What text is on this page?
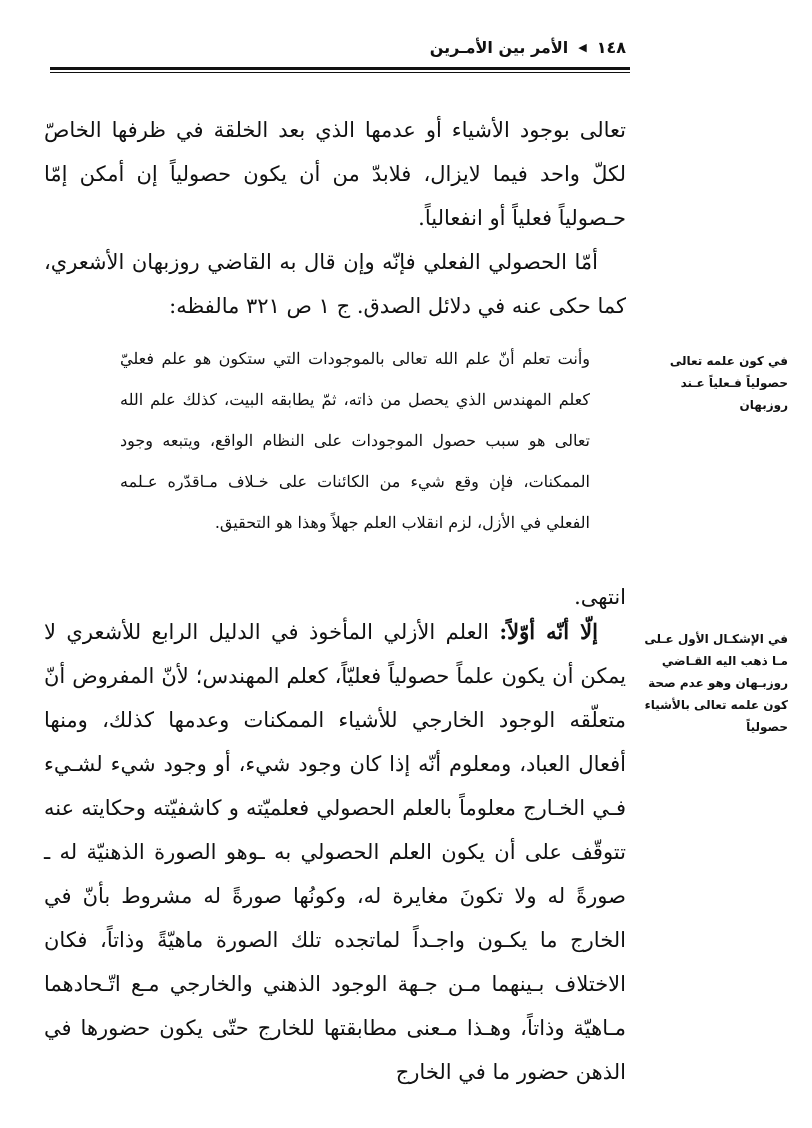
١٤٨
◀
الأمر بين الأمـرين
تعالى بوجود الأشياء أو عدمها الذي بعد الخلقة في ظرفها الخاصّ لكلّ واحد فيما لايزال، فلابدّ من أن يكون حصولياً إن أمكن إمّا حـصولياً فعلياً أو انفعالياً.
أمّا الحصولي الفعلي فإنّه وإن قال به القاضي روزبهان الأشعري، كما حكى عنه في دلائل الصدق. ج ١ ص ٣٢١ مالفظه:
وأنت تعلم أنّ علم الله تعالى بالموجودات التي ستكون هو علم فعليّ كعلم المهندس الذي يحصل من ذاته، ثمّ يطابقه البيت، كذلك علم الله تعالى هو سبب حصول الموجودات على النظام الواقع، ويتبعه وجود الممكنات، فإن وقع شيء من الكائنات على خـلاف مـاقدّره عـلمه الفعلي في الأزل، لزم انقلاب العلم جهلاً وهذا هو التحقيق.
في كون علمه تعالى حصولياً فـعلياً عـند روزبهان
انتهى.
إلّا أنّه أوّلاً: العلم الأزلي المأخوذ في الدليل الرابع للأشعري لا يمكن أن يكون علماً حصولياً فعليّاً، كعلم المهندس؛ لأنّ المفروض أنّ متعلّقه الوجود الخارجي للأشياء الممكنات وعدمها كذلك، ومنها أفعال العباد، ومعلوم أنّه إذا كان وجود شيء، أو وجود شيء لشـيء فـي الخـارج معلوماً بالعلم الحصولي فعلميّته و كاشفيّته وحكايته عنه تتوقّف على أن يكون العلم الحصولي به ـوهو الصورة الذهنيّة له ـ صورةً له ولا تكونَ مغايرة له، وكونُها صورةً له مشروط بأنّ في الخارج ما يكـون واجـداً لماتجده تلك الصورة ماهيّةً وذاتاً، فكان الاختلاف بـينهما مـن جـهة الوجود الذهني والخارجي مـع اتّـحادهما مـاهيّة وذاتاً، وهـذا مـعنى مطابقتها للخارج حتّى يكون حضورها في الذهن حضور ما في الخارج
في الإشكـال الأول عـلى مـا ذهب اليه القـاضي روزبـهان وهو عدم صحة كون علمه تعالى بالأشياء حصولياً
